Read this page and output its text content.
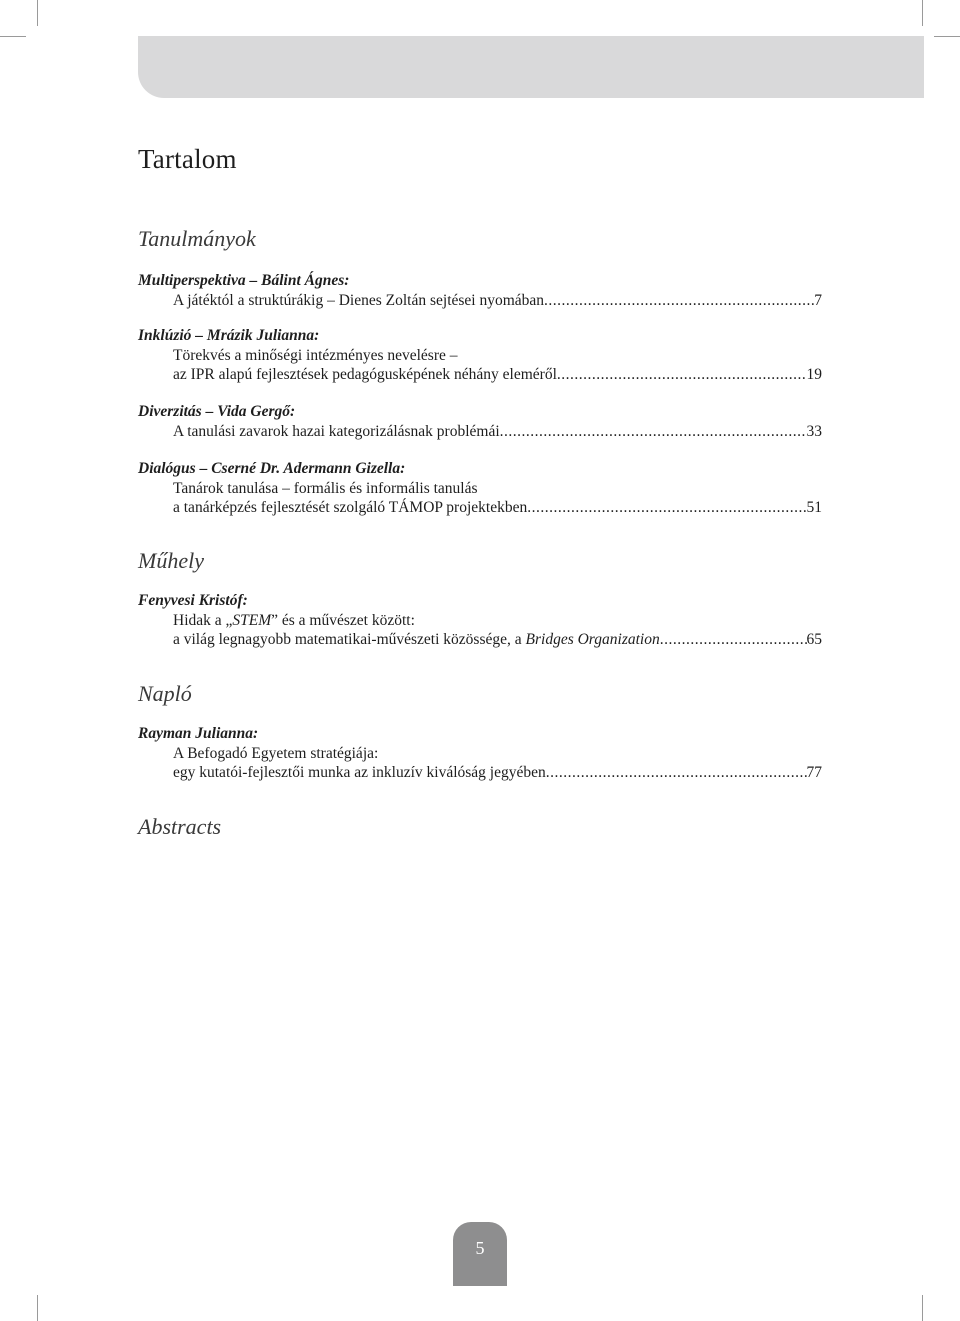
Tartalom
Tanulmányok
Multiperspektiva – Bálint Ágnes:
A játéktól a struktúrákig – Dienes Zoltán sejtései nyomában .....	7
Inklúzió – Mrázik Julianna:
Törekvés a minőségi intézményes nevelésre –
az IPR alapú fejlesztések pedagógusképének néhány eleméről .....	19
Diverzitás – Vida Gergő:
A tanulási zavarok hazai kategorizálásnak problémái .....	33
Dialógus – Cserné Dr. Adermann Gizella:
Tanárok tanulása – formális és informális tanulás
a tanárképzés fejlesztését szolgáló TÁMOP projektekben .....	51
Műhely
Fenyvesi Kristóf:
Hidak a „STEM” és a művészet között:
a világ legnagyobb matematikai-művészeti közössége, a Bridges Organization .....	65
Napló
Rayman Julianna:
A Befogadó Egyetem stratégiája:
egy kutatói-fejlesztői munka az inkluzív kiválóság jegyében .....	77
Abstracts
5
